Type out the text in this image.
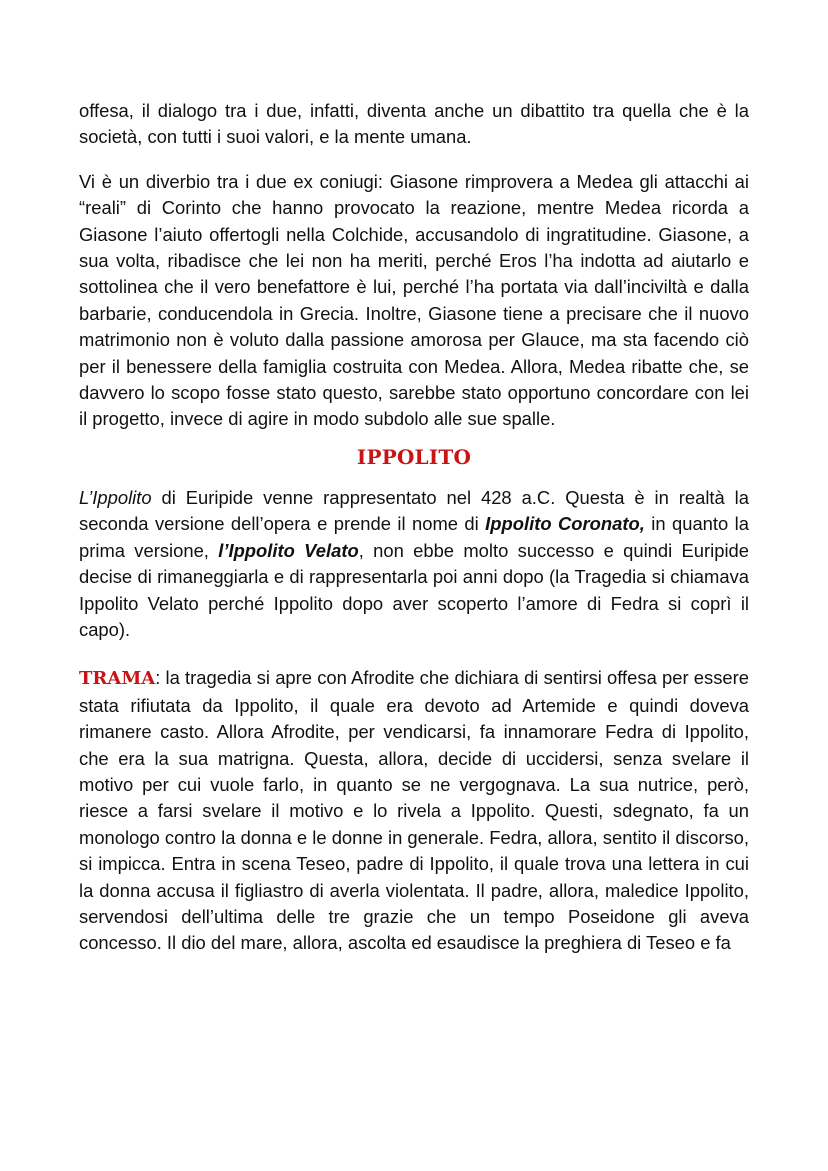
offesa, il dialogo tra i due, infatti, diventa anche un dibattito tra quella che è la società, con tutti i suoi valori, e la mente umana.

Vi è un diverbio tra i due ex coniugi: Giasone rimprovera a Medea gli attacchi ai “reali” di Corinto che hanno provocato la reazione, mentre Medea ricorda a Giasone l’aiuto offertogli nella Colchide, accusandolo di ingratitudine. Giasone, a sua volta, ribadisce che lei non ha meriti, perché Eros l’ha indotta ad aiutarlo e sottolinea che il vero benefattore è lui, perché l’ha portata via dall’inciviltà e dalla barbarie, conducendola in Grecia. Inoltre, Giasone tiene a precisare che il nuovo matrimonio non è voluto dalla passione amorosa per Glauce, ma sta facendo ciò per il benessere della famiglia costruita con Medea. Allora, Medea ribatte che, se davvero lo scopo fosse stato questo, sarebbe stato opportuno concordare con lei il progetto, invece di agire in modo subdolo alle sue spalle.

IPPOLITO

L’Ippolito di Euripide venne rappresentato nel 428 a.C. Questa è in realtà la seconda versione dell’opera e prende il nome di Ippolito Coronato, in quanto la prima versione, l’Ippolito Velato, non ebbe molto successo e quindi Euripide decise di rimaneggiarla e di rappresentarla poi anni dopo (la Tragedia si chiamava Ippolito Velato perché Ippolito dopo aver scoperto l’amore di Fedra si coprì il capo).

TRAMA: la tragedia si apre con Afrodite che dichiara di sentirsi offesa per essere stata rifiutata da Ippolito, il quale era devoto ad Artemide e quindi doveva rimanere casto. Allora Afrodite, per vendicarsi, fa innamorare Fedra di Ippolito, che era la sua matrigna. Questa, allora, decide di uccidersi, senza svelare il motivo per cui vuole farlo, in quanto se ne vergognava. La sua nutrice, però, riesce a farsi svelare il motivo e lo rivela a Ippolito. Questi, sdegnato, fa un monologo contro la donna e le donne in generale. Fedra, allora, sentito il discorso, si impicca. Entra in scena Teseo, padre di Ippolito, il quale trova una lettera in cui la donna accusa il figliastro di averla violentata. Il padre, allora, maledice Ippolito, servendosi dell’ultima delle tre grazie che un tempo Poseidone gli aveva concesso. Il dio del mare, allora, ascolta ed esaudisce la preghiera di Teseo e fa
